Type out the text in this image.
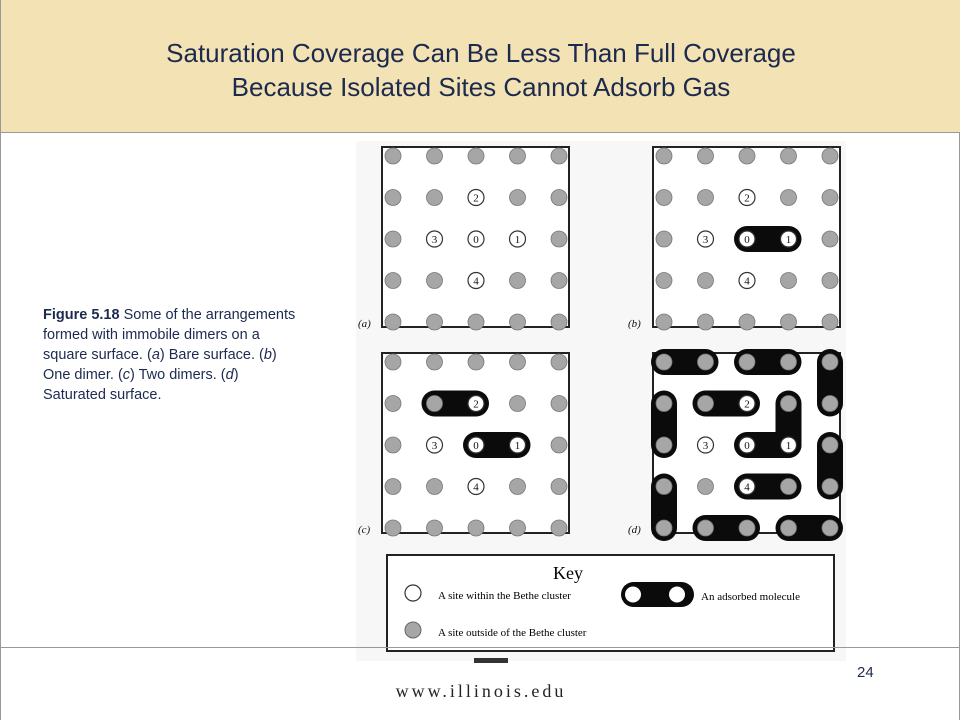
Saturation Coverage Can Be Less Than Full Coverage
Because Isolated Sites Cannot Adsorb Gas
Figure 5.18 Some of the arrangements formed with immobile dimers on a square surface. (a) Bare surface. (b) One dimer. (c) Two dimers. (d) Saturated surface.
2
3	0	1
4
(a)
2
3	0	1
4
(b)
2
3	0	1
4
(c)
2
3	0	1
4
(d)
Key
A site within the Bethe cluster
A site outside of the Bethe cluster
An adsorbed molecule
www.illinois.edu
24
